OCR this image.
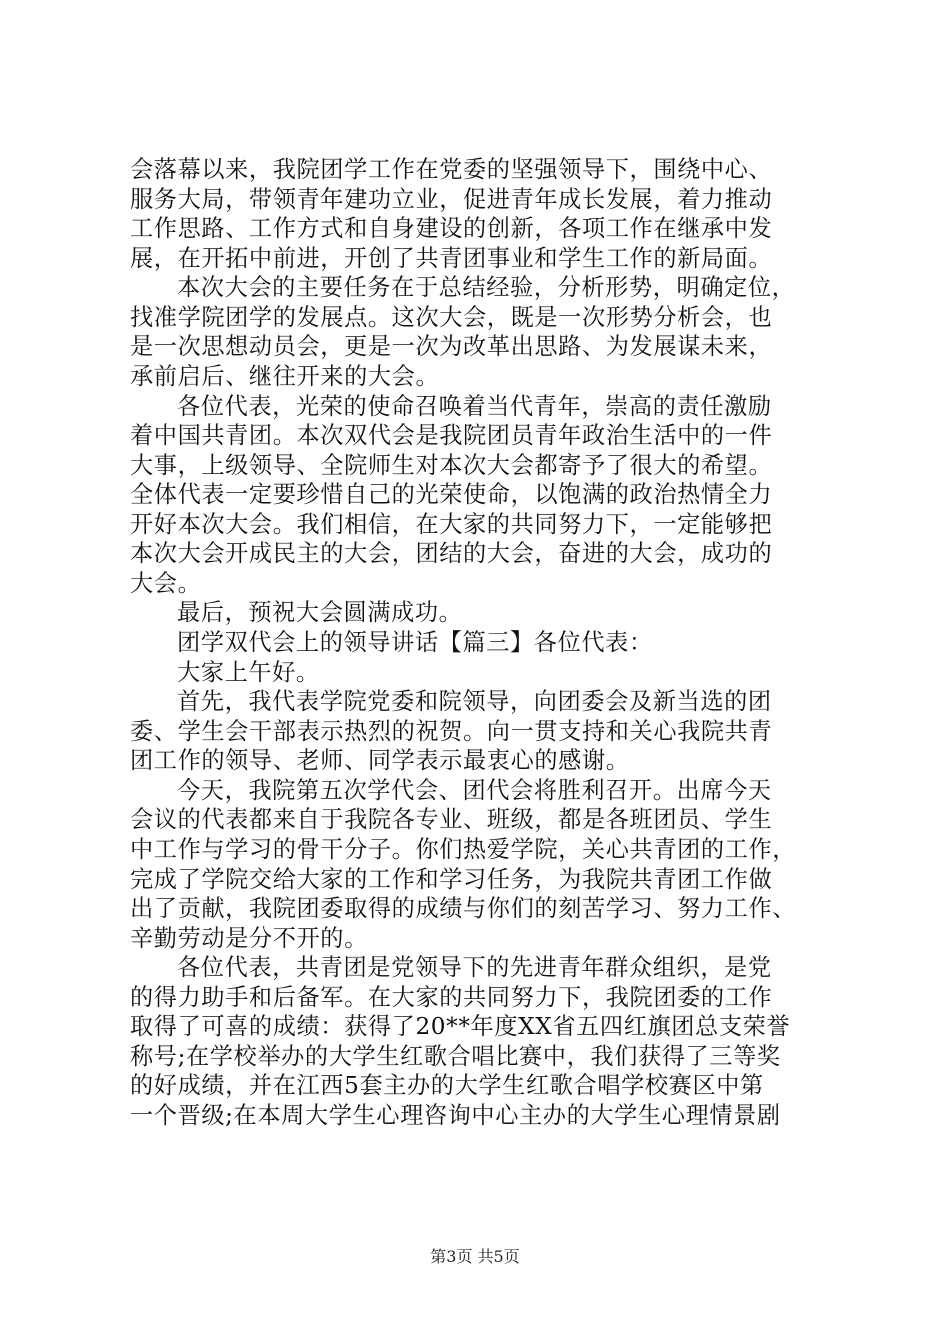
会落幕以来，我院团学工作在党委的坚强领导下，围绕中心、
服务大局，带领青年建功立业，促进青年成长发展，着力推动
工作思路、工作方式和自身建设的创新，各项工作在继承中发
展，在开拓中前进，开创了共青团事业和学生工作的新局面。
本次大会的主要任务在于总结经验，分析形势，明确定位，
找准学院团学的发展点。这次大会，既是一次形势分析会，也
是一次思想动员会，更是一次为改革出思路、为发展谋未来，
承前启后、继往开来的大会。
各位代表，光荣的使命召唤着当代青年，崇高的责任激励
着中国共青团。本次双代会是我院团员青年政治生活中的一件
大事，上级领导、全院师生对本次大会都寄予了很大的希望。
全体代表一定要珍惜自己的光荣使命，以饱满的政治热情全力
开好本次大会。我们相信，在大家的共同努力下，一定能够把
本次大会开成民主的大会，团结的大会，奋进的大会，成功的
大会。
最后，预祝大会圆满成功。
团学双代会上的领导讲话【篇三】各位代表：
大家上午好。
首先，我代表学院党委和院领导，向团委会及新当选的团
委、学生会干部表示热烈的祝贺。向一贯支持和关心我院共青
团工作的领导、老师、同学表示最衷心的感谢。
今天，我院第五次学代会、团代会将胜利召开。出席今天
会议的代表都来自于我院各专业、班级，都是各班团员、学生
中工作与学习的骨干分子。你们热爱学院，关心共青团的工作，
完成了学院交给大家的工作和学习任务，为我院共青团工作做
出了贡献，我院团委取得的成绩与你们的刻苦学习、努力工作、
辛勤劳动是分不开的。
各位代表，共青团是党领导下的先进青年群众组织，是党
的得力助手和后备军。在大家的共同努力下，我院团委的工作
取得了可喜的成绩：获得了20**年度XX省五四红旗团总支荣誉
称号;在学校举办的大学生红歌合唱比赛中，我们获得了三等奖
的好成绩，并在江西5套主办的大学生红歌合唱学校赛区中第
一个晋级;在本周大学生心理咨询中心主办的大学生心理情景剧
第3页 共5页
